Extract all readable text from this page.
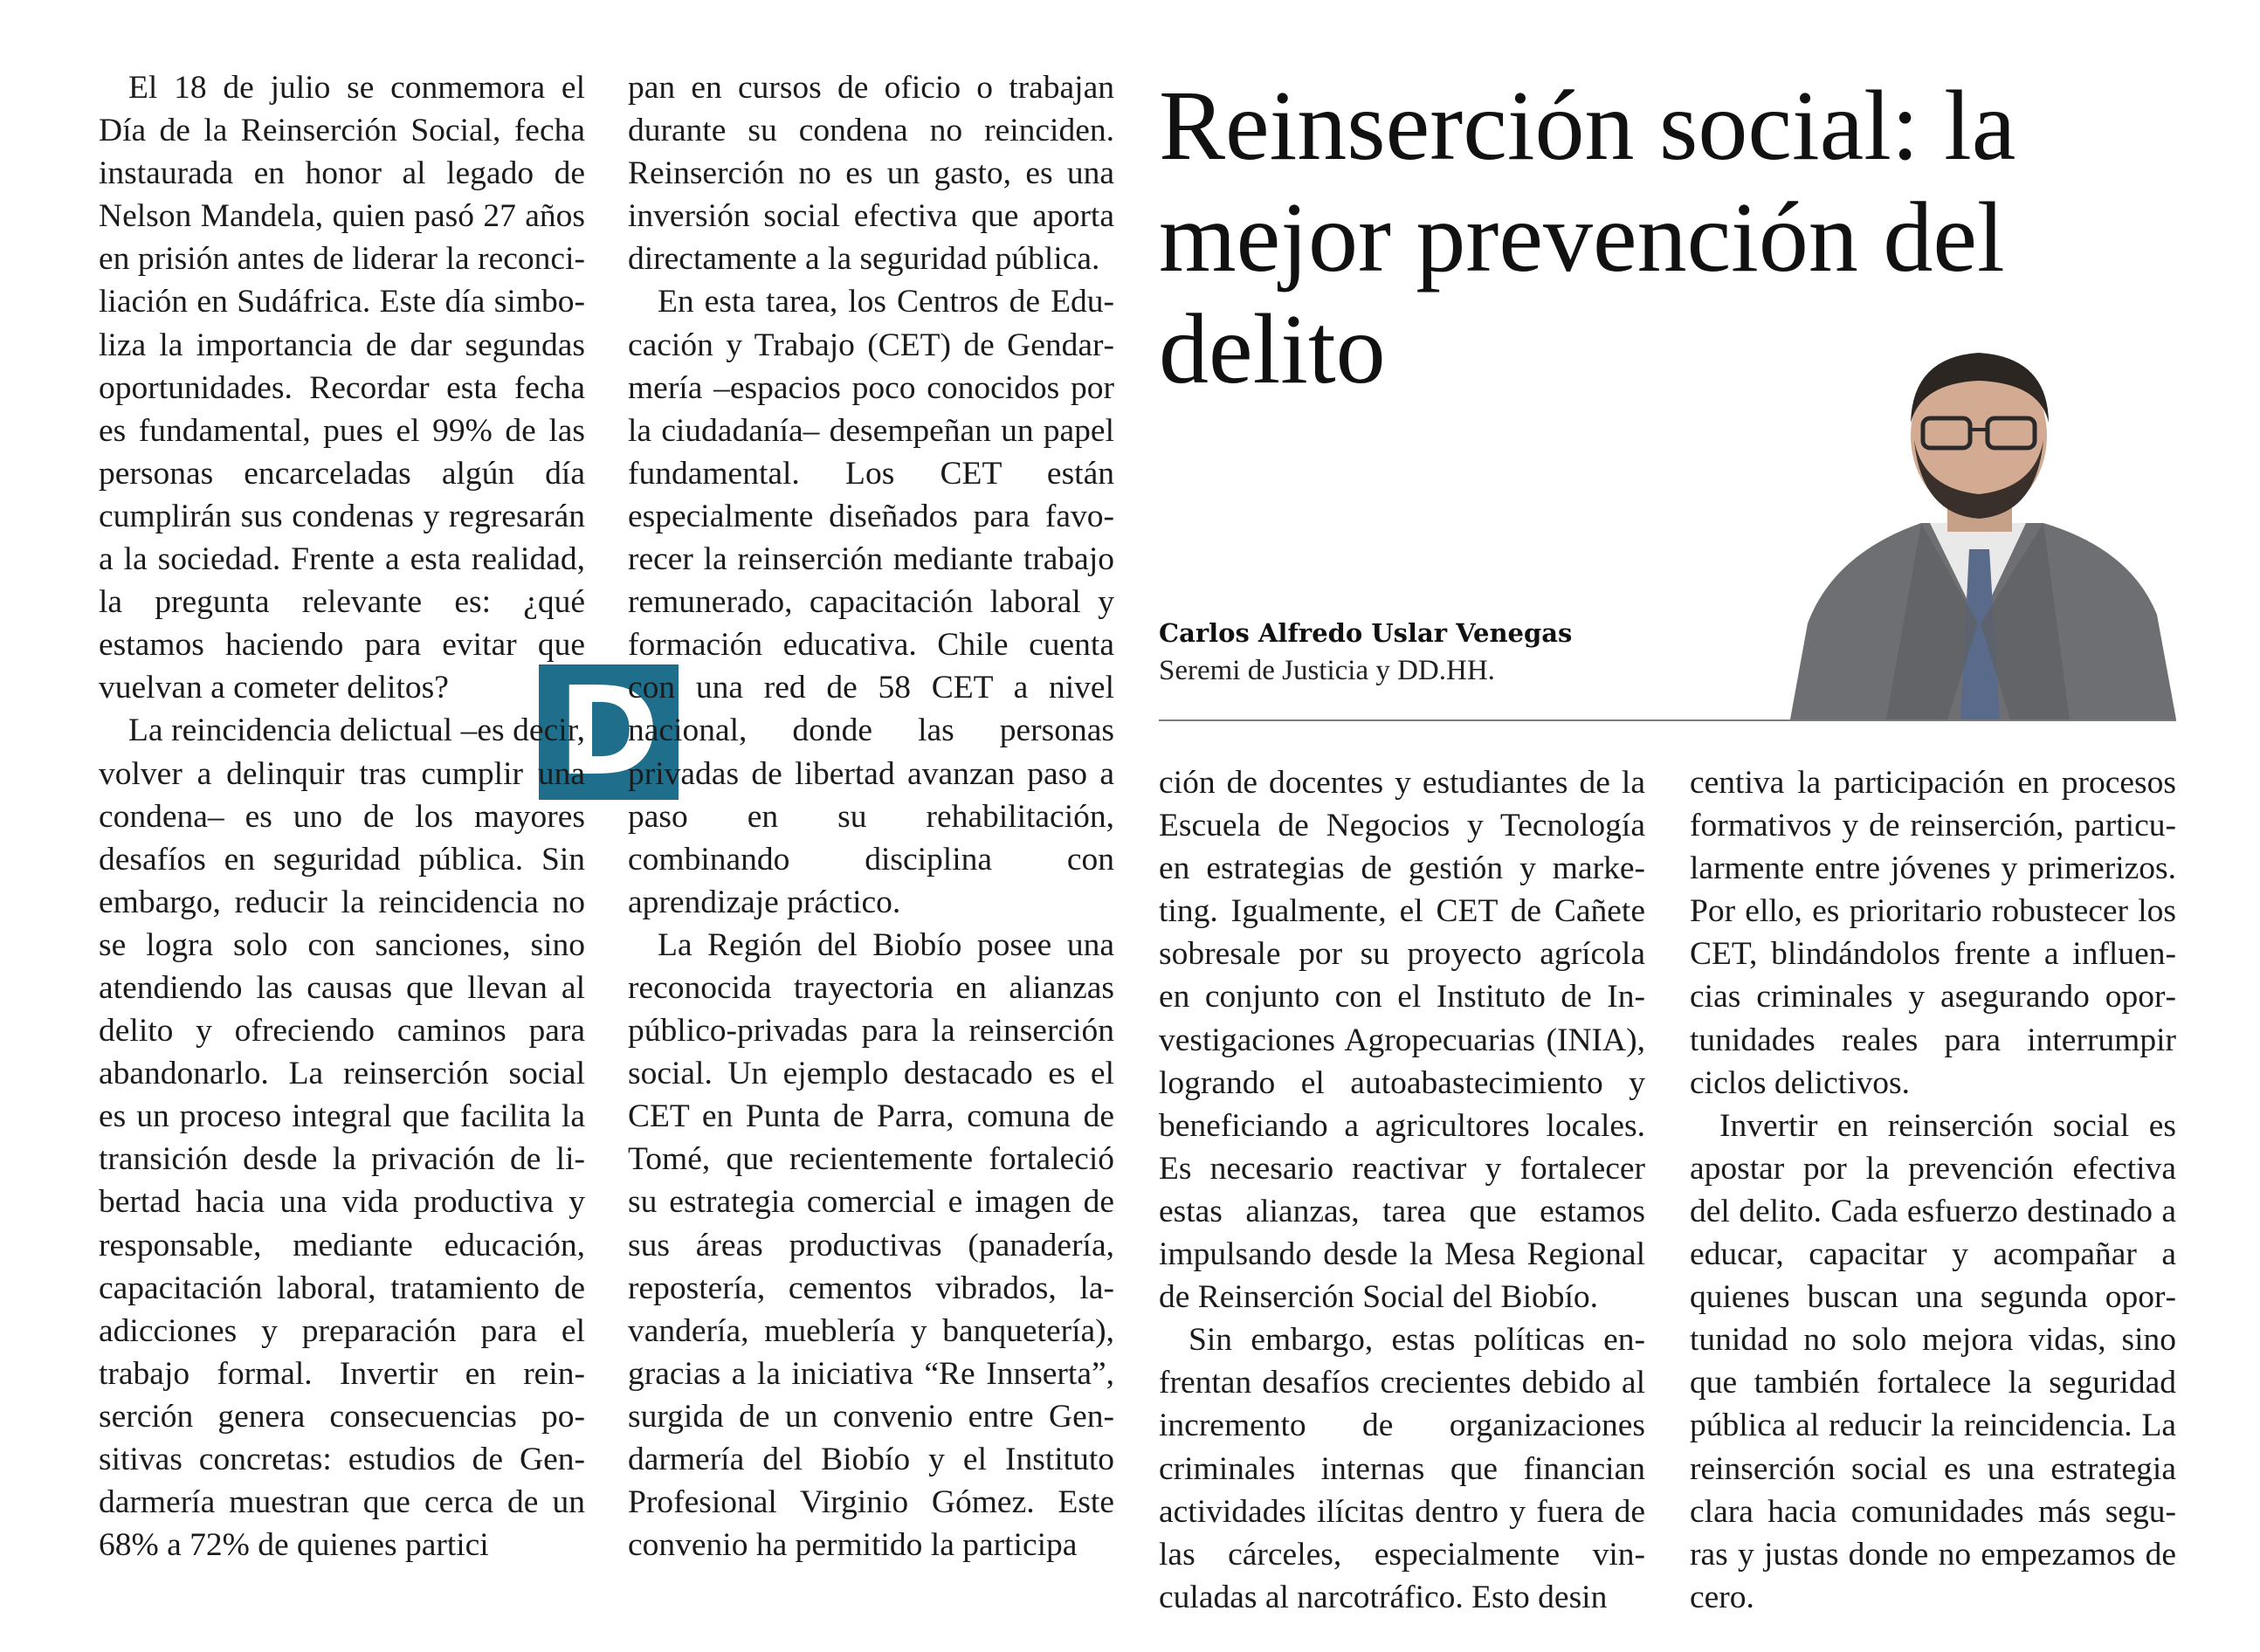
Reinserción social: la mejor prevención del delito
Carlos Alfredo Uslar Venegas
Seremi de Justicia y DD.HH.
D

El 18 de julio se conmemora el Día de la Reinserción Social, fecha instaurada en honor al legado de Nelson Mandela, quien pasó 27 años en prisión antes de liderar la reconciliación en Sudáfrica. Este día simboliza la importancia de dar segundas oportunidades. Recordar esta fecha es fundamental, pues el 99% de las personas encarceladas algún día cumplirán sus condenas y regresarán a la sociedad. Frente a esta realidad, la pregunta relevante es: ¿qué estamos haciendo para evitar que vuelvan a cometer delitos?

La reincidencia delictual –es decir, volver a delinquir tras cumplir una condena– es uno de los mayores desafíos en seguridad pública. Sin embargo, reducir la reincidencia no se logra solo con sanciones, sino atendiendo las causas que llevan al delito y ofreciendo caminos para abandonarlo. La reinserción social es un proceso integral que facilita la transición desde la privación de libertad hacia una vida productiva y responsable, mediante educación, capacitación laboral, tratamiento de adicciones y preparación para el trabajo formal. Invertir en reinserción genera consecuencias positivas concretas: estudios de Gendarmería muestran que cerca de un 68% a 72% de quienes partici

pan en cursos de oficio o trabajan durante su condena no reinciden. Reinserción no es un gasto, es una inversión social efectiva que aporta directamente a la seguridad pública.

En esta tarea, los Centros de Educación y Trabajo (CET) de Gendarmería –espacios poco conocidos por la ciudadanía– desempeñan un papel fundamental. Los CET están especialmente diseñados para favorecer la reinserción mediante trabajo remunerado, capacitación laboral y formación educativa. Chile cuenta con una red de 58 CET a nivel nacional, donde las personas privadas de libertad avanzan paso a paso en su rehabilitación, combinando disciplina con aprendizaje práctico.

La Región del Biobío posee una reconocida trayectoria en alianzas público-privadas para la reinserción social. Un ejemplo destacado es el CET en Punta de Parra, comuna de Tomé, que recientemente fortaleció su estrategia comercial e imagen de sus áreas productivas (panadería, repostería, cementos vibrados, lavandería, mueblería y banquetería), gracias a la iniciativa “Re Innserta”, surgida de un convenio entre Gendarmería del Biobío y el Instituto Profesional Virginio Gómez. Este convenio ha permitido la participa

ción de docentes y estudiantes de la Escuela de Negocios y Tecnología en estrategias de gestión y marketing. Igualmente, el CET de Cañete sobresale por su proyecto agrícola en conjunto con el Instituto de Investigaciones Agropecuarias (INIA), logrando el autoabastecimiento y beneficiando a agricultores locales. Es necesario reactivar y fortalecer estas alianzas, tarea que estamos impulsando desde la Mesa Regional de Reinserción Social del Biobío.

Sin embargo, estas políticas enfrentan desafíos crecientes debido al incremento de organizaciones criminales internas que financian actividades ilícitas dentro y fuera de las cárceles, especialmente vinculadas al narcotráfico. Esto desin

centiva la participación en procesos formativos y de reinserción, particularmente entre jóvenes y primerizos. Por ello, es prioritario robustecer los CET, blindándolos frente a influencias criminales y asegurando oportunidades reales para interrumpir ciclos delictivos.

Invertir en reinserción social es apostar por la prevención efectiva del delito. Cada esfuerzo destinado a educar, capacitar y acompañar a quienes buscan una segunda oportunidad no solo mejora vidas, sino que también fortalece la seguridad pública al reducir la reincidencia. La reinserción social es una estrategia clara hacia comunidades más seguras y justas donde no empezamos de cero.
